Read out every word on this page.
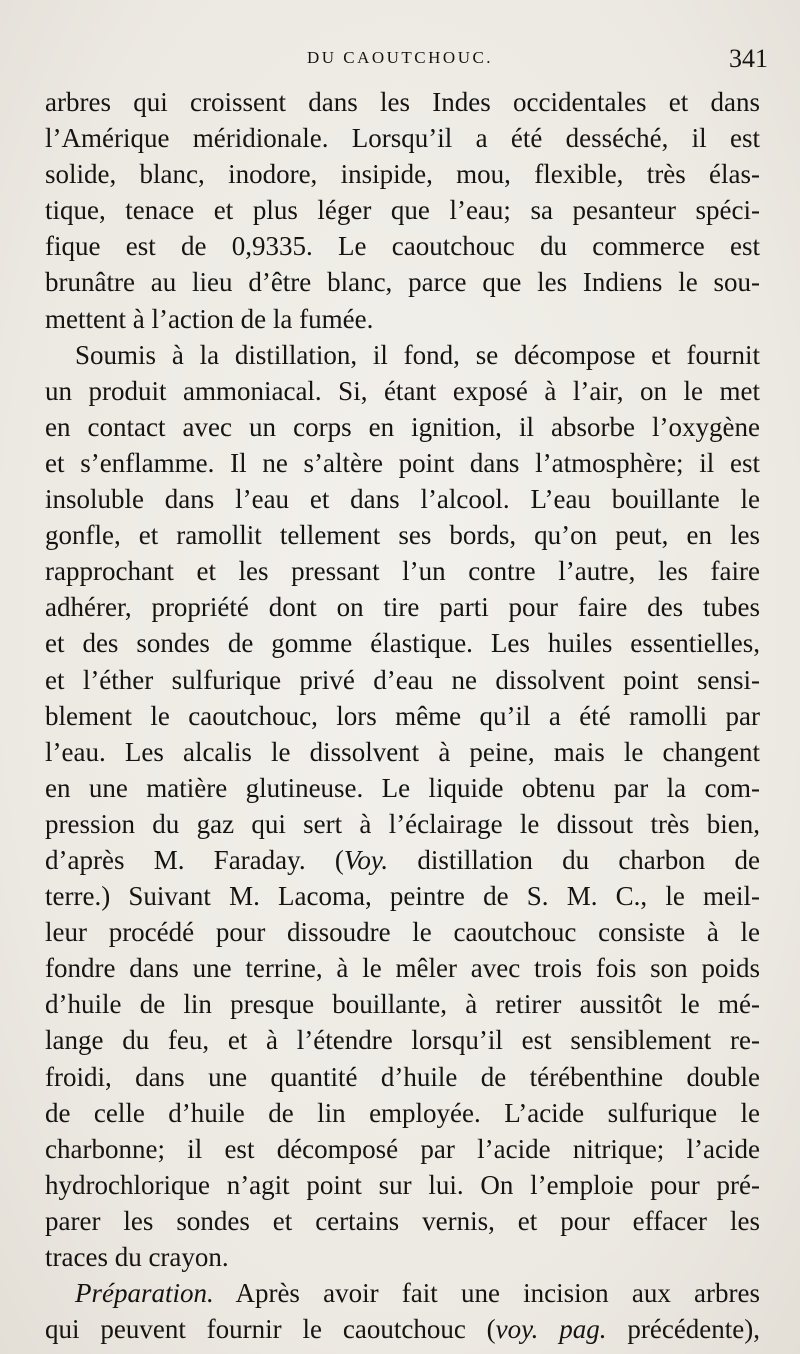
DU CAOUTCHOUC.	341
arbres qui croissent dans les Indes occidentales et dans
l’Amérique méridionale. Lorsqu’il a été desséché, il est
solide, blanc, inodore, insipide, mou, flexible, très élas-
tique, tenace et plus léger que l’eau; sa pesanteur spéci-
fique est de 0,9335. Le caoutchouc du commerce est
brunâtre au lieu d’être blanc, parce que les Indiens le sou-
mettent à l’action de la fumée.
Soumis à la distillation, il fond, se décompose et fournit
un produit ammoniacal. Si, étant exposé à l’air, on le met
en contact avec un corps en ignition, il absorbe l’oxygène
et s’enflamme. Il ne s’altère point dans l’atmosphère; il est
insoluble dans l’eau et dans l’alcool. L’eau bouillante le
gonfle, et ramollit tellement ses bords, qu’on peut, en les
rapprochant et les pressant l’un contre l’autre, les faire
adhérer, propriété dont on tire parti pour faire des tubes
et des sondes de gomme élastique. Les huiles essentielles,
et l’éther sulfurique privé d’eau ne dissolvent point sensi-
blement le caoutchouc, lors même qu’il a été ramolli par
l’eau. Les alcalis le dissolvent à peine, mais le changent
en une matière glutineuse. Le liquide obtenu par la com-
pression du gaz qui sert à l’éclairage le dissout très bien,
d’après M. Faraday. (Voy. distillation du charbon de
terre.) Suivant M. Lacoma, peintre de S. M. C., le meil-
leur procédé pour dissoudre le caoutchouc consiste à le
fondre dans une terrine, à le mêler avec trois fois son poids
d’huile de lin presque bouillante, à retirer aussitôt le mé-
lange du feu, et à l’étendre lorsqu’il est sensiblement re-
froidi, dans une quantité d’huile de térébenthine double
de celle d’huile de lin employée. L’acide sulfurique le
charbonne; il est décomposé par l’acide nitrique; l’acide
hydrochlorique n’agit point sur lui. On l’emploie pour pré-
parer les sondes et certains vernis, et pour effacer les
traces du crayon.
Préparation. Après avoir fait une incision aux arbres
qui peuvent fournir le caoutchouc (voy. pag. précédente),
